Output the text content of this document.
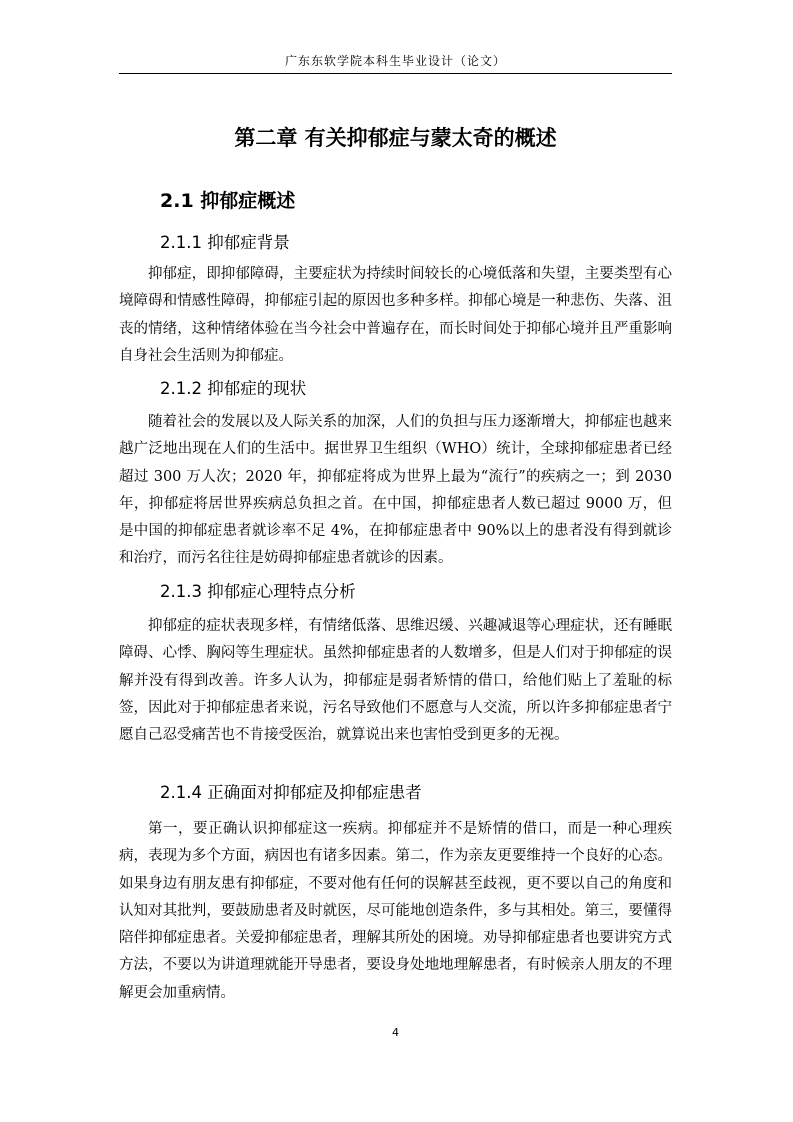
广东东软学院本科生毕业设计（论文）
第二章 有关抑郁症与蒙太奇的概述
2.1 抑郁症概述
2.1.1 抑郁症背景

抑郁症，即抑郁障碍，主要症状为持续时间较长的心境低落和失望，主要类型有心境障碍和情感性障碍，抑郁症引起的原因也多种多样。抑郁心境是一种悲伤、失落、沮丧的情绪，这种情绪体验在当今社会中普遍存在，而长时间处于抑郁心境并且严重影响自身社会生活则为抑郁症。

2.1.2 抑郁症的现状

随着社会的发展以及人际关系的加深，人们的负担与压力逐渐增大，抑郁症也越来越广泛地出现在人们的生活中。据世界卫生组织（WHO）统计，全球抑郁症患者已经超过 300 万人次；2020 年，抑郁症将成为世界上最为“流行”的疾病之一；到 2030 年，抑郁症将居世界疾病总负担之首。在中国，抑郁症患者人数已超过 9000 万，但是中国的抑郁症患者就诊率不足 4%，在抑郁症患者中 90%以上的患者没有得到就诊和治疗，而污名往往是妨碍抑郁症患者就诊的因素。

2.1.3 抑郁症心理特点分析

抑郁症的症状表现多样，有情绪低落、思维迟缓、兴趣减退等心理症状，还有睡眠障碍、心悸、胸闷等生理症状。虽然抑郁症患者的人数增多，但是人们对于抑郁症的误解并没有得到改善。许多人认为，抑郁症是弱者矫情的借口，给他们贴上了羞耻的标签，因此对于抑郁症患者来说，污名导致他们不愿意与人交流，所以许多抑郁症患者宁愿自己忍受痛苦也不肯接受医治，就算说出来也害怕受到更多的无视。

2.1.4 正确面对抑郁症及抑郁症患者

第一，要正确认识抑郁症这一疾病。抑郁症并不是矫情的借口，而是一种心理疾病，表现为多个方面，病因也有诸多因素。第二，作为亲友更要维持一个良好的心态。如果身边有朋友患有抑郁症，不要对他有任何的误解甚至歧视，更不要以自己的角度和认知对其批判，要鼓励患者及时就医，尽可能地创造条件，多与其相处。第三，要懂得陪伴抑郁症患者。关爱抑郁症患者，理解其所处的困境。劝导抑郁症患者也要讲究方式方法，不要以为讲道理就能开导患者，要设身处地地理解患者，有时候亲人朋友的不理解更会加重病情。

4
